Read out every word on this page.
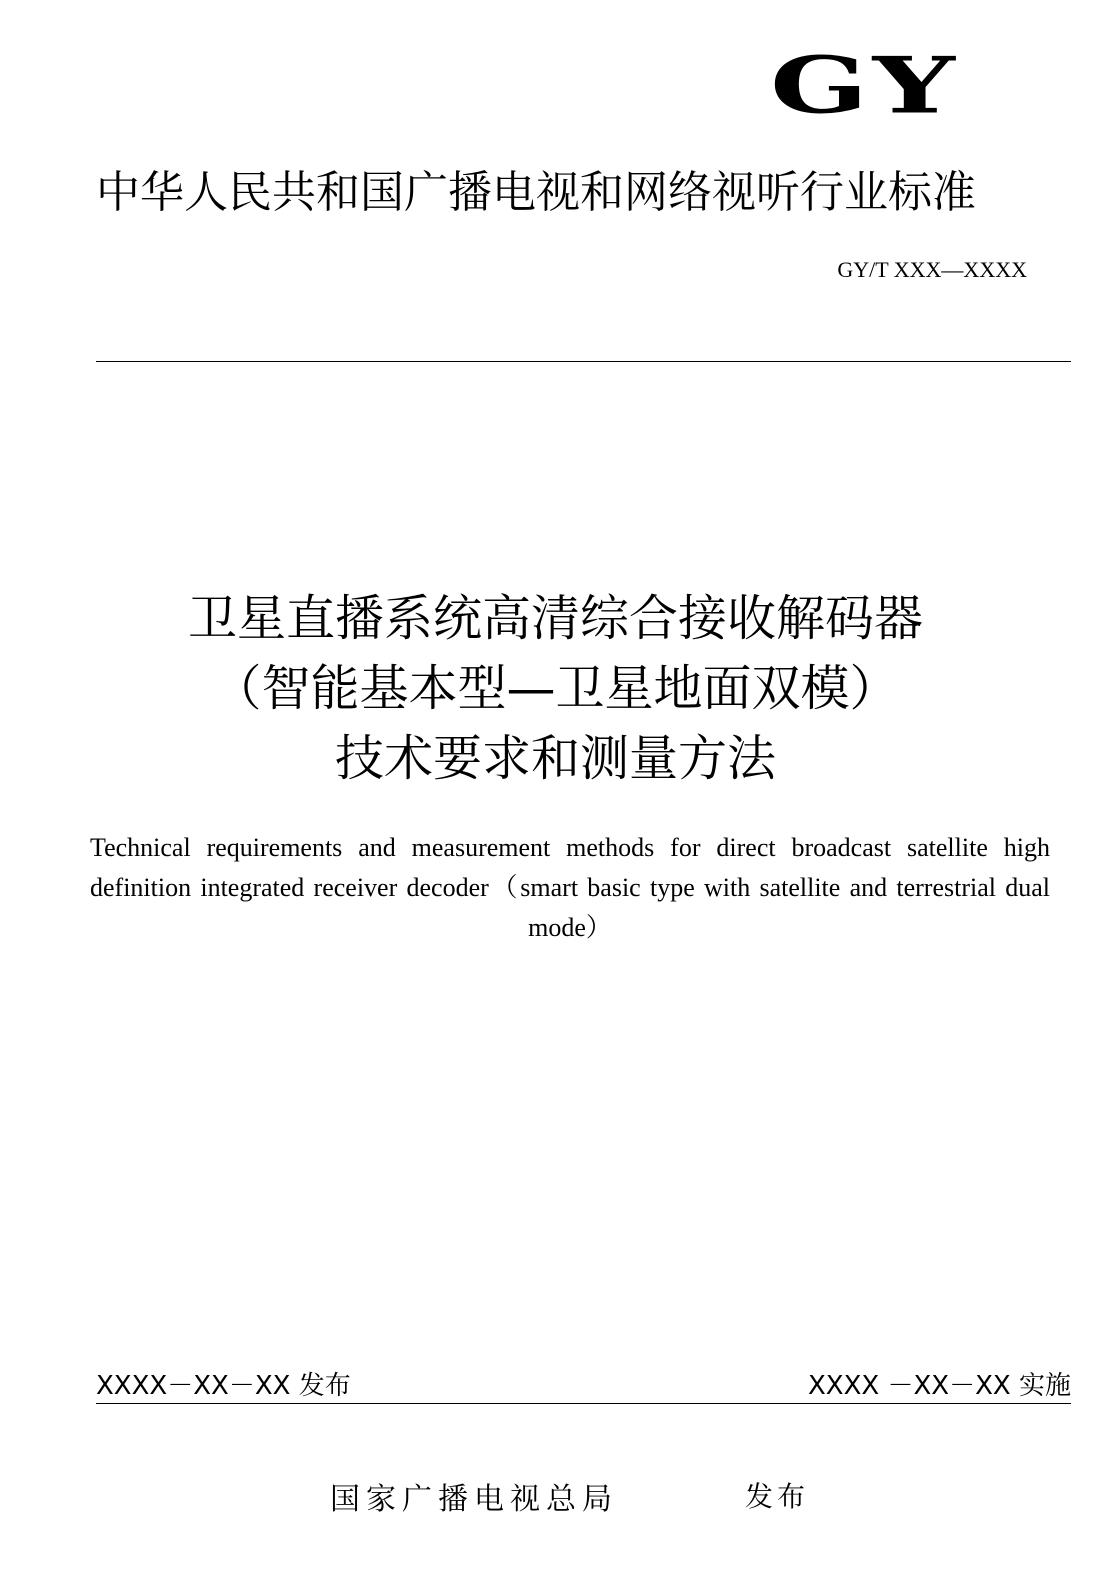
GY
中华人民共和国广播电视和网络视听行业标准
GY/T XXX—XXXX
卫星直播系统高清综合接收解码器
（智能基本型—卫星地面双模）
技术要求和测量方法
Technical requirements and measurement methods for direct broadcast satellite high definition integrated receiver decoder（smart basic type with satellite and terrestrial dual mode）
XXXX－XX－XX 发布	XXXX －XX－XX 实施
国家广播电视总局	发布
